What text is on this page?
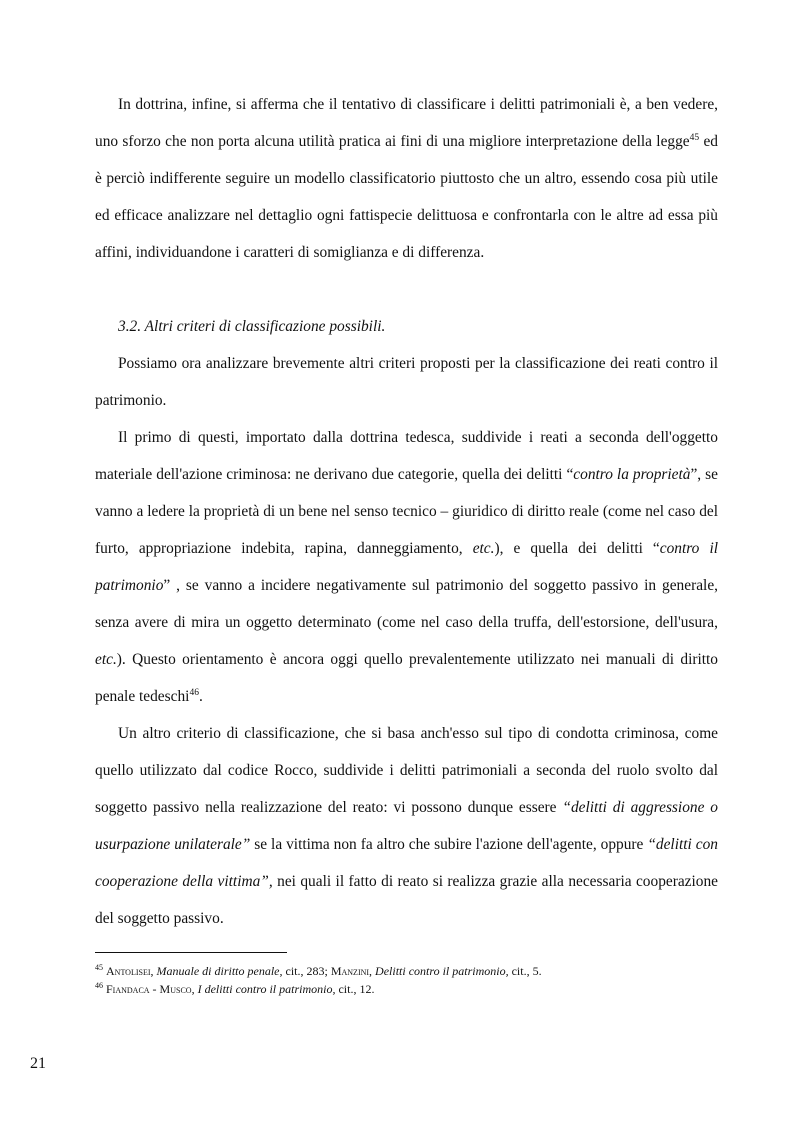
In dottrina, infine, si afferma che il tentativo di classificare i delitti patrimoniali è, a ben vedere, uno sforzo che non porta alcuna utilità pratica ai fini di una migliore interpretazione della legge$^{45}$ ed è perciò indifferente seguire un modello classificatorio piuttosto che un altro, essendo cosa più utile ed efficace analizzare nel dettaglio ogni fattispecie delittuosa e confrontarla con le altre ad essa più affini, individuandone i caratteri di somiglianza e di differenza.

3.2. Altri criteri di classificazione possibili.

Possiamo ora analizzare brevemente altri criteri proposti per la classificazione dei reati contro il patrimonio.

Il primo di questi, importato dalla dottrina tedesca, suddivide i reati a seconda dell'oggetto materiale dell'azione criminosa: ne derivano due categorie, quella dei delitti “contro la proprietà”, se vanno a ledere la proprietà di un bene nel senso tecnico – giuridico di diritto reale (come nel caso del furto, appropriazione indebita, rapina, danneggiamento, etc.), e quella dei delitti “contro il patrimonio” , se vanno a incidere negativamente sul patrimonio del soggetto passivo in generale, senza avere di mira un oggetto determinato (come nel caso della truffa, dell'estorsione, dell'usura, etc.). Questo orientamento è ancora oggi quello prevalentemente utilizzato nei manuali di diritto penale tedeschi$^{46}$.

Un altro criterio di classificazione, che si basa anch'esso sul tipo di condotta criminosa, come quello utilizzato dal codice Rocco, suddivide i delitti patrimoniali a seconda del ruolo svolto dal soggetto passivo nella realizzazione del reato: vi possono dunque essere “delitti di aggressione o usurpazione unilaterale” se la vittima non fa altro che subire l'azione dell'agente, oppure “delitti con cooperazione della vittima”, nei quali il fatto di reato si realizza grazie alla necessaria cooperazione del soggetto passivo.

$^{45}$ Antolisei, Manuale di diritto penale, cit., 283; Manzini, Delitti contro il patrimonio, cit., 5.
$^{46}$ Fiandaca - Musco, I delitti contro il patrimonio, cit., 12.
21
